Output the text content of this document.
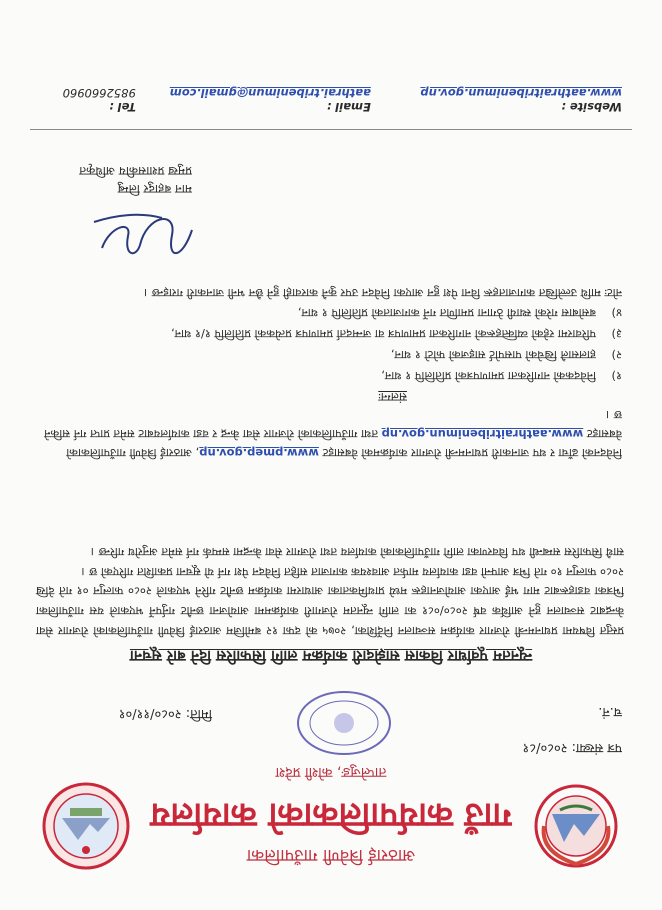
आठराई त्रिवेणी गाउँपालिका
गाउँ कार्यपालिकाको कार्यालय
ताप्लेजुङ, कोशी प्रदेश
पत्र संख्या: २०८०/८१
च.नं.
मिति: २०८०/११/०१
न्यूनतम पूर्वाधार विकास साझेदारी कार्यक्रम लागि सिफारिस दिने बारे सूचना

प्रस्तुत विषयमा प्रधानमन्त्री रोजगार कार्यक्रम सञ्चालन निर्देशिका, २०७५ को दफा १२ बमोजिम आठराई त्रिवेणी गाउँपालिकाको रोजगार सेवा केन्द्रबाट सञ्चालन हुने आर्थिक वर्ष २०८०/०८१ का लागि न्यूनतम रोजगारी कार्यक्रममा आयोजना छनौट गर्नुपर्ने भएकाले यस गाउँपालिका भित्रका वडाहरूबाट माग भई आएका आयोजनाहरू मध्ये प्राथमिकताका आधारमा कार्यक्रम छनौट गरिने भएकाले २०८० फाल्गुन ०१ गते देखि २०८० फाल्गुन १० गते भित्र आफ्नो वडा कार्यालय मार्फत आवश्यक कागजात सहित निवेदन पेश गर्न यो सूचना प्रकाशित गरिएको छ ।

साथै सिफारिस सम्बन्धी थप विवरणका लागि गाउँपालिकाको कार्यालय तथा रोजगार सेवा केन्द्रमा सम्पर्क गर्न समेत अनुरोध गरिन्छ ।

निवेदनको ढाँचा र थप जानकारी प्रधानमन्त्री रोजगार कार्यक्रमको वेबसाइट www.pmep.gov.np, आठराई त्रिवेणी गाउँपालिकाको वेबसाइट www.aathraitribenimun.gov.np तथा गाउँपालिकाको रोजगार सेवा केन्द्र र वडा कार्यालयबाट समेत प्राप्त गर्न सकिने छ ।
संलग्नः
१)
निवेदकको नागरिकता प्रमाणपत्रको प्रतिलिपि १ थान,
२)
हालसालै खिचेको पासपोर्ट साइजको फोटो १ थान,
३)
परिवारमा रहेको व्यक्तिहरूको नागरिकता प्रमाणपत्र वा जन्मदर्ता प्रमाणपत्र प्रत्येकको प्रतिलिपि १/१ थान,
४)
बसोबास गरेको स्थायी ठेगाना प्रमाणित गर्ने कागजातको प्रतिलिपि १ थान,
नोटः माथि उल्लेखित कागजातहरू विना पेश हुन आएका निवेदन उपर कुनै कारवाही हुने छैन भनी जानकारी गराइन्छ ।
मान बहादुर लिम्बु
प्रमुख प्रशासकीय अधिकृत
Website : www.aathraitribenimun.gov.np
Email : aathrai.tribenimun@gmail.com
Tel : 9852660960
